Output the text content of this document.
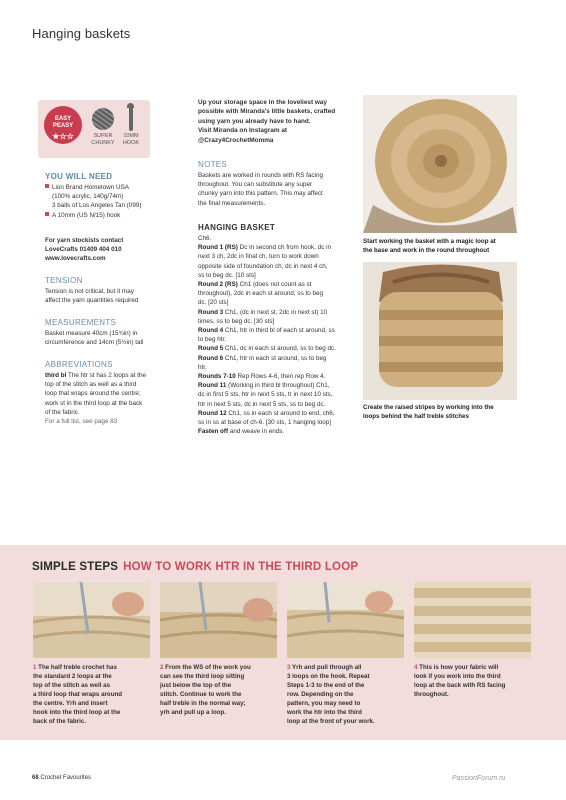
Hanging baskets
EASY
PEASY
★☆☆	SUPER
CHUNKY
10MM
HOOK
YOU WILL NEED
Lion Brand Hometown USA
(100% acrylic, 140g/74m)
3 balls of Los Angeles Tan (099)
A 10mm (US N/15) hook
For yarn stockists contact
LoveCrafts 01409 404 010
www.lovecrafts.com
TENSION
Tension is not critical, but it may
affect the yarn quantities required
MEASUREMENTS
Basket measure 40cm (15¾in) in
circumference and 14cm (5½in) tall
ABBREVIATIONS
third bl The htr st has 2 loops at the
top of the stitch as well as a third
loop that wraps around the centre;
work st in the third loop at the back
of the fabric
For a full list, see page 83
Up your storage space in the loveliest way
possible with Miranda's little baskets, crafted
using yarn you already have to hand.
Visit Miranda on Instagram at
@Crazy4CrochetMomma
NOTES
Baskets are worked in rounds with RS facing
throughout. You can substitute any super
chunky yarn into this pattern. This may affect
the final measurements.
HANGING BASKET
Ch6.
Round 1 (RS) Dc in second ch from hook, dc in
next 3 ch, 2dc in final ch, turn to work down
opposite side of foundation ch, dc in next 4 ch,
ss to beg dc. [10 sts]
Round 2 (RS) Ch1 (does not count as st
throughout), 2dc in each st around, ss to beg
dc. [20 sts]
Round 3 Ch1, (dc in next st, 2dc in next st) 10
times, ss to beg dc. [30 sts]
Round 4 Ch1, htr in third bl of each st around, ss
to beg htr.
Round 5 Ch1, dc in each st around, ss to beg dc.
Round 6 Ch1, htr in each st around, ss to beg
htr.
Rounds 7-10 Rep Rows 4-6, then rep Row 4.
Round 11 (Working in third bl throughout) Ch1,
dc in first 5 sts, htr in next 5 sts, tr in next 10 sts,
htr in next 5 sts, dc in next 5 sts, ss to beg dc.
Round 12 Ch1, ss in each st around to end, ch6,
ss in ss at base of ch-6. [30 sts, 1 hanging loop]
Fasten off and weave in ends.
Start working the basket with a magic loop at
the base and work in the round throughout
Create the raised stripes by working into the
loops behind the half treble stitches
SIMPLE STEPS HOW TO WORK HTR IN THE THIRD LOOP
1 The half treble crochet has
the standard 2 loops at the
top of the stitch as well as
a third loop that wraps around
the centre. Yrh and insert
hook into the third loop at the
back of the fabric.
2 From the WS of the work you
can see the third loop sitting
just below the top of the
stitch. Continue to work the
half treble in the normal way;
yrh and pull up a loop.
3 Yrh and pull through all
3 loops on the hook. Repeat
Steps 1-3 to the end of the
row. Depending on the
pattern, you may need to
work the htr into the third
loop at the front of your work.
4 This is how your fabric will
look if you work into the third
loop at the back with RS facing
throughout.
68 Crochet Favourites	PassionForum.ru
